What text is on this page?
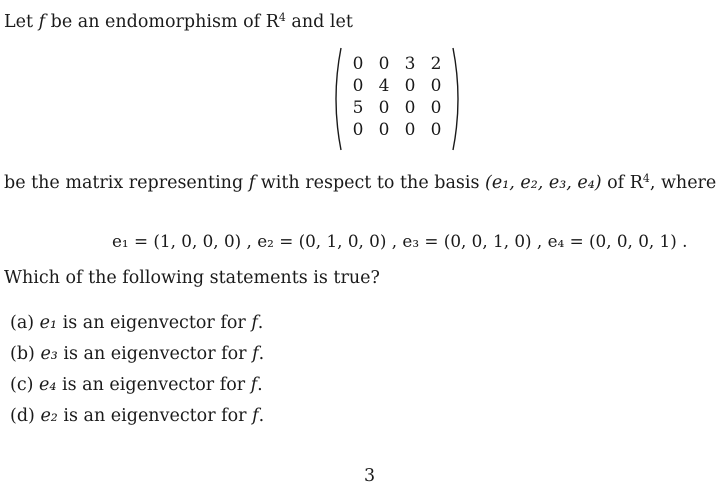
Let f be an endomorphism of $R^4$ and let
0 0 3 2
0 4 0 0
5 0 0 0
0 0 0 0
be the matrix representing f with respect to the basis (e₁, e₂, e₃, e₄) of $R^4$, where
e₁ = (1, 0, 0, 0) , e₂ = (0, 1, 0, 0) , e₃ = (0, 0, 1, 0) , e₄ = (0, 0, 0, 1) .
Which of the following statements is true?
(a) e₁ is an eigenvector for f.
(b) e₃ is an eigenvector for f.
(c) e₄ is an eigenvector for f.
(d) e₂ is an eigenvector for f.
3
